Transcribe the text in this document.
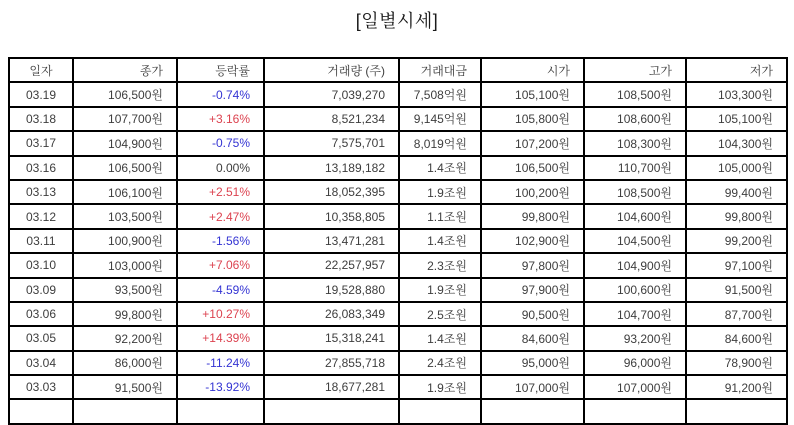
[일별시세]
일자	종가	등락률	거래량 (주)	거래대금	시가	고가	저가
03.19	106,500원	-0.74%	7,039,270	7,508억원	105,100원	108,500원	103,300원
03.18	107,700원	+3.16%	8,521,234	9,145억원	105,800원	108,600원	105,100원
03.17	104,900원	-0.75%	7,575,701	8,019억원	107,200원	108,300원	104,300원
03.16	106,500원	0.00%	13,189,182	1.4조원	106,500원	110,700원	105,000원
03.13	106,100원	+2.51%	18,052,395	1.9조원	100,200원	108,500원	99,400원
03.12	103,500원	+2.47%	10,358,805	1.1조원	99,800원	104,600원	99,800원
03.11	100,900원	-1.56%	13,471,281	1.4조원	102,900원	104,500원	99,200원
03.10	103,000원	+7.06%	22,257,957	2.3조원	97,800원	104,900원	97,100원
03.09	93,500원	-4.59%	19,528,880	1.9조원	97,900원	100,600원	91,500원
03.06	99,800원	+10.27%	26,083,349	2.5조원	90,500원	104,700원	87,700원
03.05	92,200원	+14.39%	15,318,241	1.4조원	84,600원	93,200원	84,600원
03.04	86,000원	-11.24%	27,855,718	2.4조원	95,000원	96,000원	78,900원
03.03	91,500원	-13.92%	18,677,281	1.9조원	107,000원	107,000원	91,200원
